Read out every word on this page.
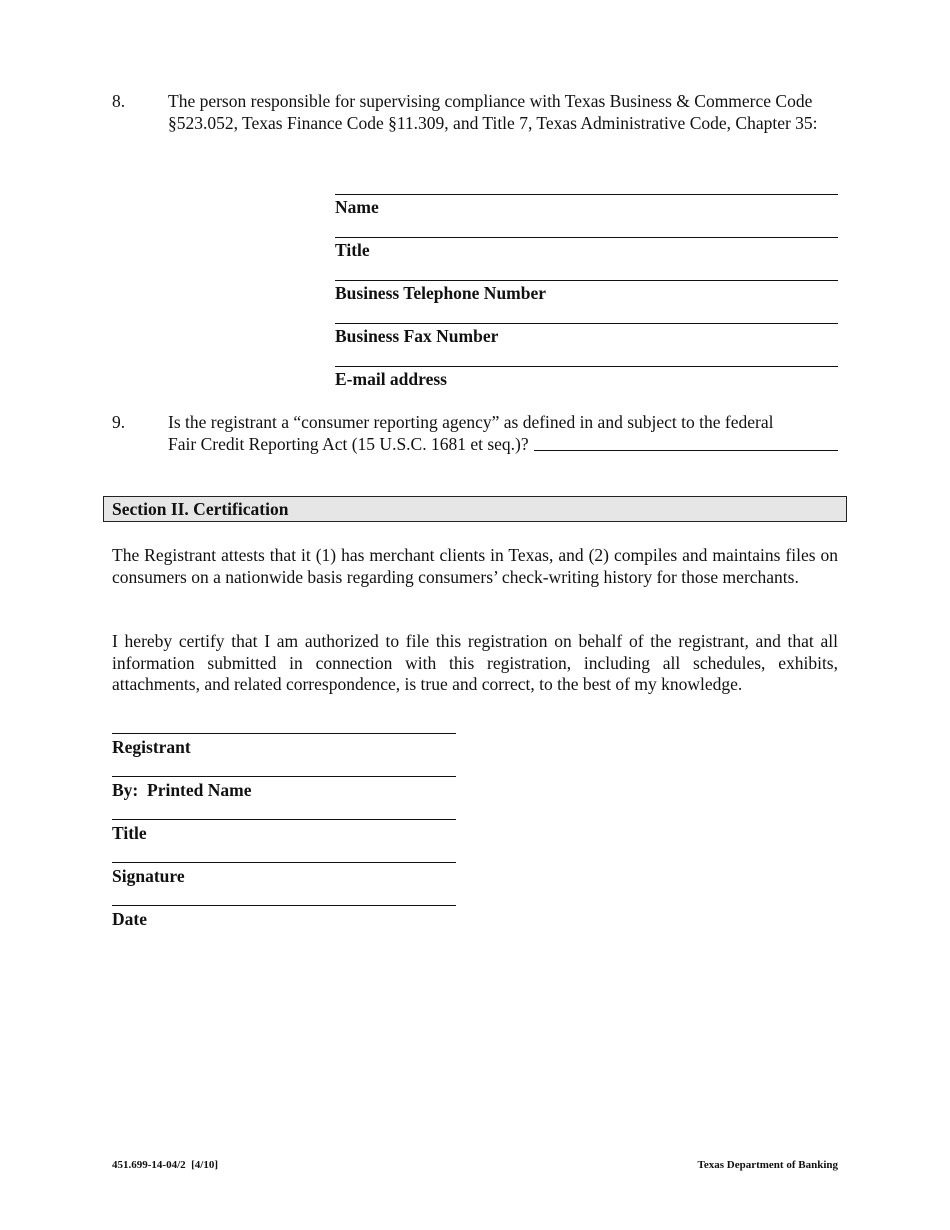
8. The person responsible for supervising compliance with Texas Business & Commerce Code §523.052, Texas Finance Code §11.309, and Title 7, Texas Administrative Code, Chapter 35:
Name
Title
Business Telephone Number
Business Fax Number
E-mail address
9. Is the registrant a “consumer reporting agency” as defined in and subject to the federal
Fair Credit Reporting Act (15 U.S.C. 1681 et seq.)?
Section II. Certification
The Registrant attests that it (1) has merchant clients in Texas, and (2) compiles and maintains files on consumers on a nationwide basis regarding consumers’ check-writing history for those merchants.
I hereby certify that I am authorized to file this registration on behalf of the registrant, and that all information submitted in connection with this registration, including all schedules, exhibits, attachments, and related correspondence, is true and correct, to the best of my knowledge.
Registrant
By:  Printed Name
Title
Signature
Date
451.699-14-04/2  [4/10]	Texas Department of Banking
